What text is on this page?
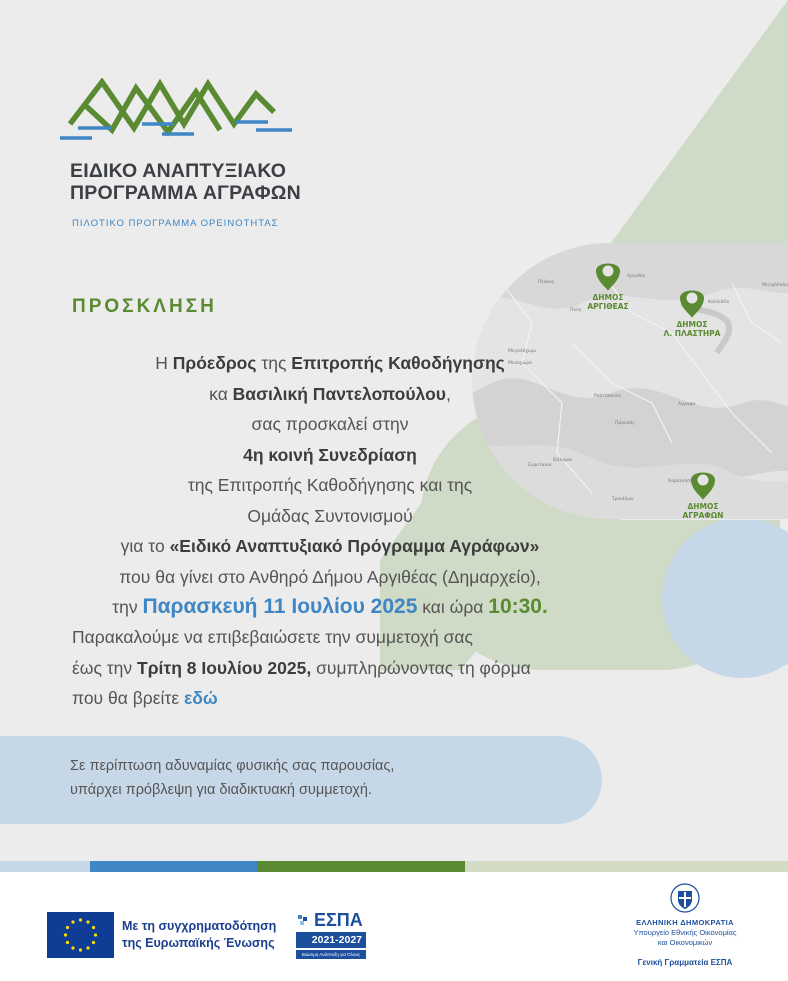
ΔΗΜΟΣ
ΑΡΓΙΘΕΑΣ
ΔΗΜΟΣ
Λ. ΠΛΑΣΤΗΡΑ
ΔΗΜΟΣ
ΑΓΡΑΦΩΝ
Πεύκος
Αργιθέα
Καλλιθέα
Μητρόπολη
Πύλη
Μεγαλόχωρι
Μεσοχώρα
Ραπτόπουλο
Αγραφα
Προυσός
Θάλαμοι
Καρπενήσι
Ευρυτανία
Τρικάλων
ΕΙΔΙΚΟ ΑΝΑΠΤΥΞΙΑΚΟ
ΠΡΟΓΡΑΜΜΑ ΑΓΡΑΦΩΝ
ΠΙΛΟΤΙΚΟ ΠΡΟΓΡΑΜΜΑ ΟΡΕΙΝΟΤΗΤΑΣ
ΠΡΟΣΚΛΗΣΗ
Η Πρόεδρος της Επιτροπής Καθοδήγησης
κα Βασιλική Παντελοπούλου,
σας προσκαλεί στην
4η κοινή Συνεδρίαση
της Επιτροπής Καθοδήγησης και της
Ομάδας Συντονισμού
για το «Ειδικό Αναπτυξιακό Πρόγραμμα Αγράφων»
που θα γίνει στο Ανθηρό Δήμου Αργιθέας (Δημαρχείο),
την Παρασκευή 11 Ιουλίου 2025 και ώρα 10:30.
Παρακαλούμε να επιβεβαιώσετε την συμμετοχή σας
έως την Τρίτη 8 Ιουλίου 2025, συμπληρώνοντας τη φόρμα
που θα βρείτε εδώ
Σε περίπτωση αδυναμίας φυσικής σας παρουσίας,
υπάρχει πρόβλεψη για διαδικτυακή συμμετοχή.
Με τη συγχρηματοδότηση
της Ευρωπαϊκής Ένωσης
ΕΣΠΑ
2021-2027
Βιώσιμη Ανάπτυξη για Όλους
ΕΛΛΗΝΙΚΗ ΔΗΜΟΚΡΑΤΙΑ
Υπουργείο Εθνικής Οικονομίας
και Οικονομικών
Γενική Γραμματεία ΕΣΠΑ
